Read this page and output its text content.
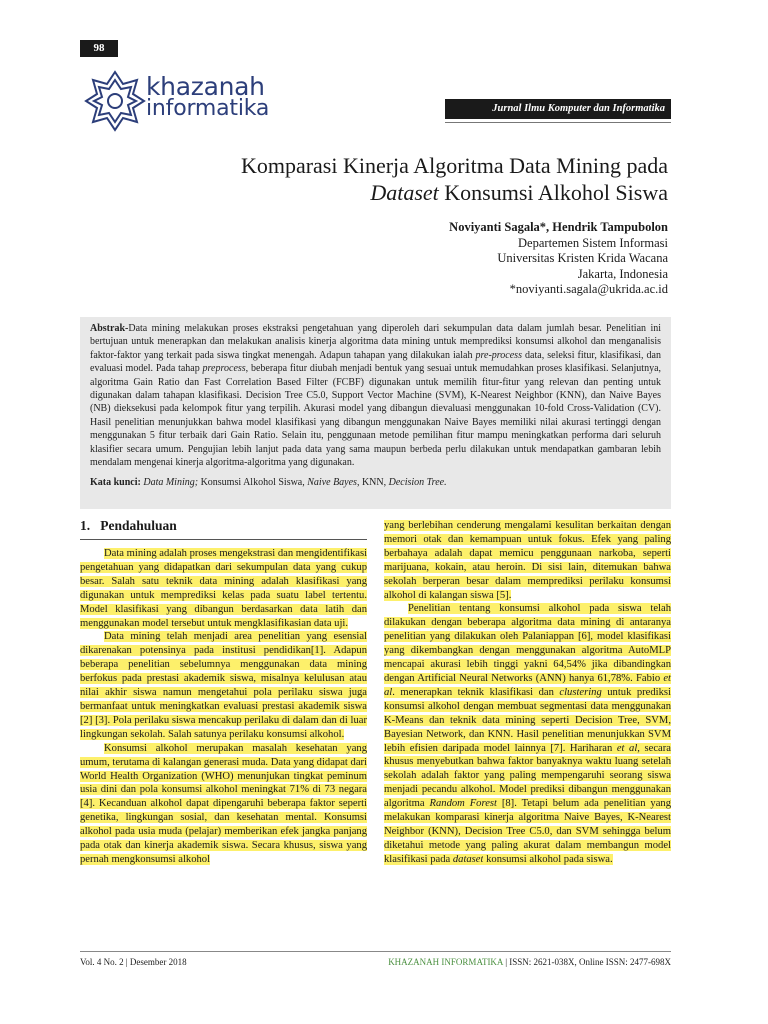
98
khazanah
informatika	Jurnal Ilmu Komputer dan Informatika
Komparasi Kinerja Algoritma Data Mining pada
Dataset Konsumsi Alkohol Siswa
Noviyanti Sagala*, Hendrik Tampubolon
Departemen Sistem Informasi
Universitas Kristen Krida Wacana
Jakarta, Indonesia
*noviyanti.sagala@ukrida.ac.id

Abstrak-Data mining melakukan proses ekstraksi pengetahuan yang diperoleh dari sekumpulan data dalam jumlah besar. Penelitian ini bertujuan untuk menerapkan dan melakukan analisis kinerja algoritma data mining untuk memprediksi konsumsi alkohol dan menganalisis faktor-faktor yang terkait pada siswa tingkat menengah. Adapun tahapan yang dilakukan ialah pre-process data, seleksi fitur, klasifikasi, dan evaluasi model. Pada tahap preprocess, beberapa fitur diubah menjadi bentuk yang sesuai untuk memudahkan proses klasifikasi. Selanjutnya, algoritma Gain Ratio dan Fast Correlation Based Filter (FCBF) digunakan untuk memilih fitur-fitur yang relevan dan penting untuk digunakan dalam tahapan klasifikasi. Decision Tree C5.0, Support Vector Machine (SVM), K-Nearest Neighbor (KNN), dan Naive Bayes (NB) dieksekusi pada kelompok fitur yang terpilih. Akurasi model yang dibangun dievaluasi menggunakan 10-fold Cross-Validation (CV). Hasil penelitian menunjukkan bahwa model klasifikasi yang dibangun menggunakan Naive Bayes memiliki nilai akurasi tertinggi dengan menggunakan 5 fitur terbaik dari Gain Ratio. Selain itu, penggunaan metode pemilihan fitur mampu meningkatkan performa dari seluruh klasifier secara umum. Pengujian lebih lanjut pada data yang sama maupun berbeda perlu dilakukan untuk mendapatkan gambaran lebih mendalam mengenai kinerja algoritma-algoritma yang digunakan.

Kata kunci: Data Mining; Konsumsi Alkohol Siswa, Naive Bayes, KNN, Decision Tree.
1. Pendahuluan

Data mining adalah proses mengekstrasi dan mengidentifikasi pengetahuan yang didapatkan dari sekumpulan data yang cukup besar. Salah satu teknik data mining adalah klasifikasi yang digunakan untuk memprediksi kelas pada suatu label tertentu. Model klasifikasi yang dibangun berdasarkan data latih dan menggunakan model tersebut untuk mengklasifikasian data uji.

Data mining telah menjadi area penelitian yang esensial dikarenakan potensinya pada institusi pendidikan[1]. Adapun beberapa penelitian sebelumnya menggunakan data mining berfokus pada prestasi akademik siswa, misalnya kelulusan atau nilai akhir siswa namun mengetahui pola perilaku siswa juga bermanfaat untuk meningkatkan evaluasi prestasi akademik siswa [2] [3]. Pola perilaku siswa mencakup perilaku di dalam dan di luar lingkungan sekolah. Salah satunya perilaku konsumsi alkohol.

Konsumsi alkohol merupakan masalah kesehatan yang umum, terutama di kalangan generasi muda. Data yang didapat dari World Health Organization (WHO) menunjukan tingkat peminum usia dini dan pola konsumsi alkohol meningkat 71% di 73 negara [4]. Kecanduan alkohol dapat dipengaruhi beberapa faktor seperti genetika, lingkungan sosial, dan kesehatan mental. Konsumsi alkohol pada usia muda (pelajar) memberikan efek jangka panjang pada otak dan kinerja akademik siswa. Secara khusus, siswa yang pernah mengkonsumsi alkohol

yang berlebihan cenderung mengalami kesulitan berkaitan dengan memori otak dan kemampuan untuk fokus. Efek yang paling berbahaya adalah dapat memicu penggunaan narkoba, seperti marijuana, kokain, atau heroin. Di sisi lain, ditemukan bahwa sekolah berperan besar dalam memprediksi perilaku konsumsi alkohol di kalangan siswa [5].

Penelitian tentang konsumsi alkohol pada siswa telah dilakukan dengan beberapa algoritma data mining di antaranya penelitian yang dilakukan oleh Palaniappan [6], model klasifikasi yang dikembangkan dengan menggunakan algoritma AutoMLP mencapai akurasi lebih tinggi yakni 64,54% jika dibandingkan dengan Artificial Neural Networks (ANN) hanya 61,78%. Fabio et al. menerapkan teknik klasifikasi dan clustering untuk prediksi konsumsi alkohol dengan membuat segmentasi data menggunakan K-Means dan teknik data mining seperti Decision Tree, SVM, Bayesian Network, dan KNN. Hasil penelitian menunjukkan SVM lebih efisien daripada model lainnya [7]. Hariharan et al, secara khusus menyebutkan bahwa faktor banyaknya waktu luang setelah sekolah adalah faktor yang paling mempengaruhi seorang siswa menjadi pecandu alkohol. Model prediksi dibangun menggunakan algoritma Random Forest [8]. Tetapi belum ada penelitian yang melakukan komparasi kinerja algoritma Naive Bayes, K-Nearest Neighbor (KNN), Decision Tree C5.0, dan SVM sehingga belum diketahui metode yang paling akurat dalam membangun model klasifikasi pada dataset konsumsi alkohol pada siswa.

Vol. 4 No. 2 | Desember 2018	KHAZANAH INFORMATIKA | ISSN: 2621-038X, Online ISSN: 2477-698X
